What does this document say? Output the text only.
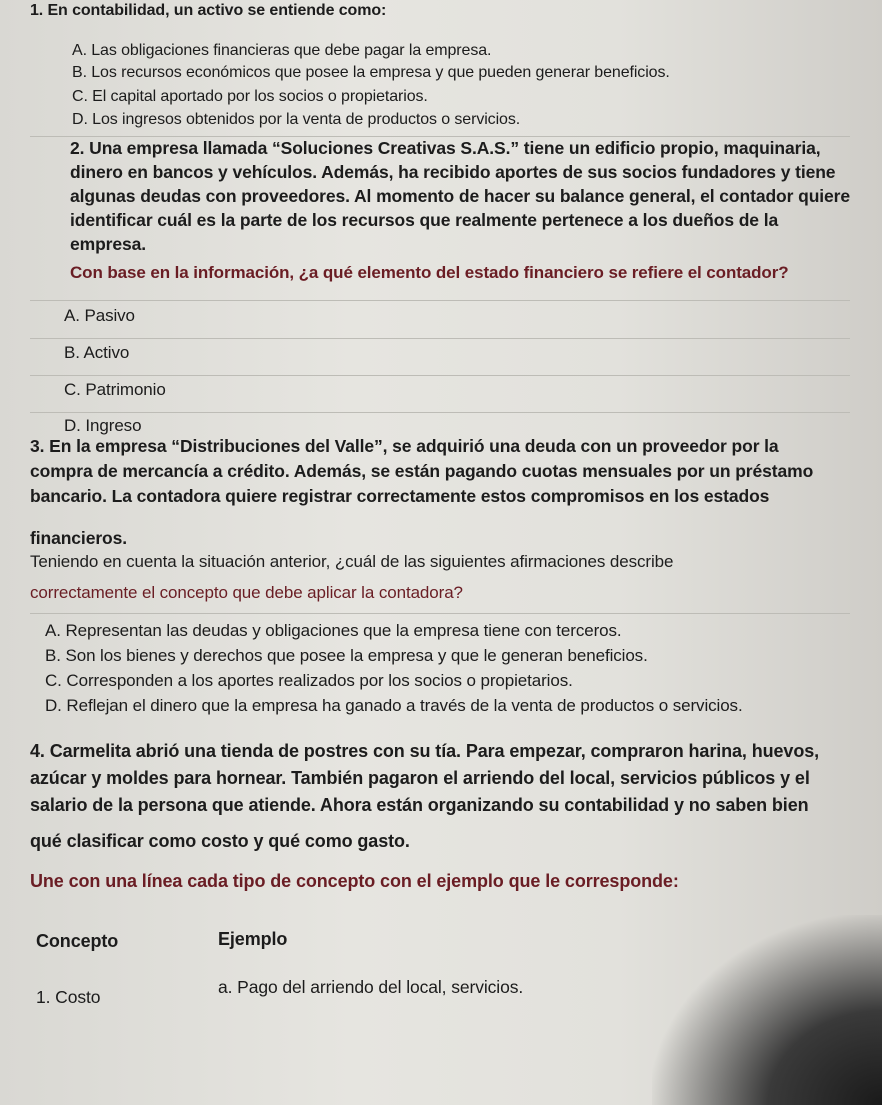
1. En contabilidad, un activo se entiende como:
A. Las obligaciones financieras que debe pagar la empresa.
B. Los recursos económicos que posee la empresa y que pueden generar beneficios.
C. El capital aportado por los socios o propietarios.
D. Los ingresos obtenidos por la venta de productos o servicios.
2. Una empresa llamada “Soluciones Creativas S.A.S.” tiene un edificio propio, maquinaria,
dinero en bancos y vehículos. Además, ha recibido aportes de sus socios fundadores y tiene
algunas deudas con proveedores. Al momento de hacer su balance general, el contador quiere
identificar cuál es la parte de los recursos que realmente pertenece a los dueños de la
empresa.
Con base en la información, ¿a qué elemento del estado financiero se refiere el contador?
A. Pasivo
B. Activo
C. Patrimonio
D. Ingreso
3. En la empresa “Distribuciones del Valle”, se adquirió una deuda con un proveedor por la
compra de mercancía a crédito. Además, se están pagando cuotas mensuales por un préstamo
bancario. La contadora quiere registrar correctamente estos compromisos en los estados
financieros.
Teniendo en cuenta la situación anterior, ¿cuál de las siguientes afirmaciones describe
correctamente el concepto que debe aplicar la contadora?
A. Representan las deudas y obligaciones que la empresa tiene con terceros.
B. Son los bienes y derechos que posee la empresa y que le generan beneficios.
C. Corresponden a los aportes realizados por los socios o propietarios.
D. Reflejan el dinero que la empresa ha ganado a través de la venta de productos o servicios.
4. Carmelita abrió una tienda de postres con su tía. Para empezar, compraron harina, huevos,
azúcar y moldes para hornear. También pagaron el arriendo del local, servicios públicos y el
salario de la persona que atiende. Ahora están organizando su contabilidad y no saben bien
qué clasificar como costo y qué como gasto.
Une con una línea cada tipo de concepto con el ejemplo que le corresponde:
Concepto	Ejemplo
1. Costo	a. Pago del arriendo del local, servicios.
